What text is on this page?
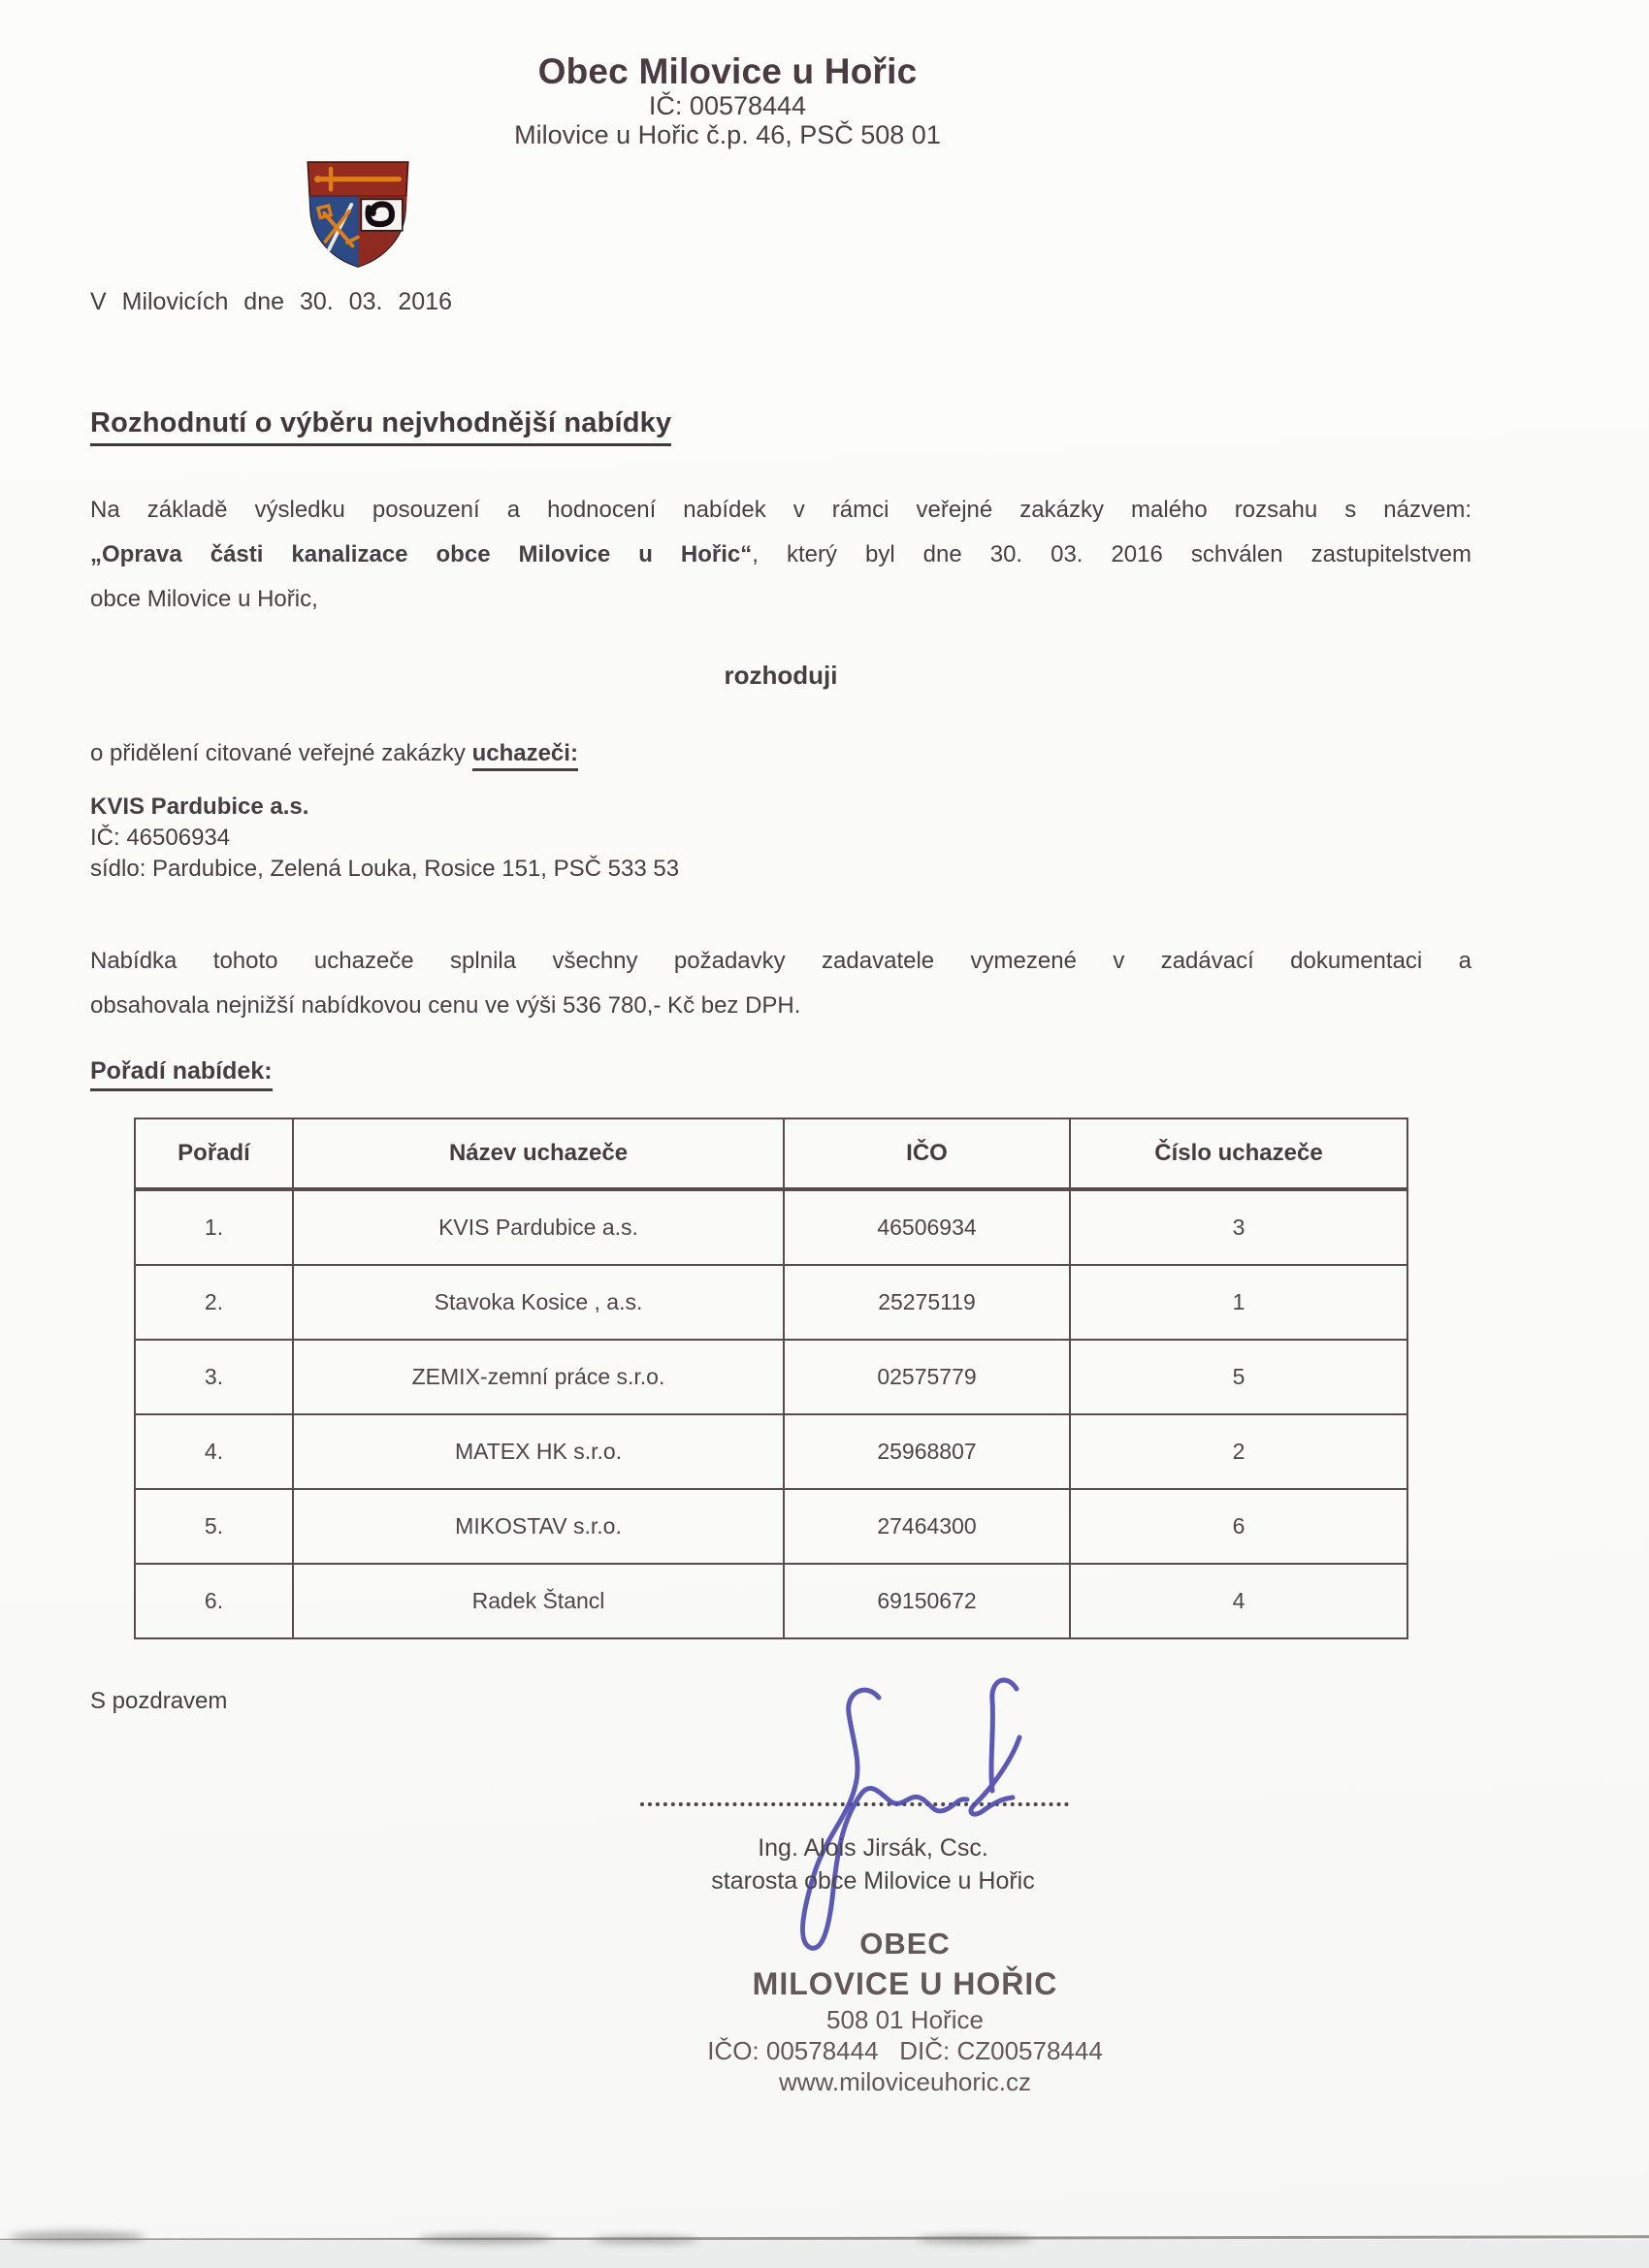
Obec Milovice u Hořic
IČ: 00578444
Milovice u Hořic č.p. 46, PSČ 508 01
V Milovicích dne 30. 03. 2016
Rozhodnutí o výběru nejvhodnější nabídky
Na základě výsledku posouzení a hodnocení nabídek v rámci veřejné zakázky malého rozsahu s názvem:
„Oprava části kanalizace obce Milovice u Hořic“, který byl dne 30. 03. 2016 schválen zastupitelstvem
obce Milovice u Hořic,
rozhoduji
o přidělení citované veřejné zakázky uchazeči:
KVIS Pardubice a.s.
IČ: 46506934
sídlo: Pardubice, Zelená Louka, Rosice 151, PSČ 533 53
Nabídka tohoto uchazeče splnila všechny požadavky zadavatele vymezené v zadávací dokumentaci a
obsahovala nejnižší nabídkovou cenu ve výši 536 780,- Kč bez DPH.
Pořadí nabídek:
Pořadí	Název uchazeče	IČO	Číslo uchazeče
1.	KVIS Pardubice a.s.	46506934	3
2.	Stavoka Kosice , a.s.	25275119	1
3.	ZEMIX-zemní práce s.r.o.	02575779	5
4.	MATEX HK s.r.o.	25968807	2
5.	MIKOSTAV s.r.o.	27464300	6
6.	Radek Štancl	69150672	4
S pozdravem
Ing. Alois Jirsák, Csc.
starosta obce Milovice u Hořic
OBEC
MILOVICE U HOŘIC
508 01 Hořice
IČO: 00578444   DIČ: CZ00578444
www.miloviceuhoric.cz
